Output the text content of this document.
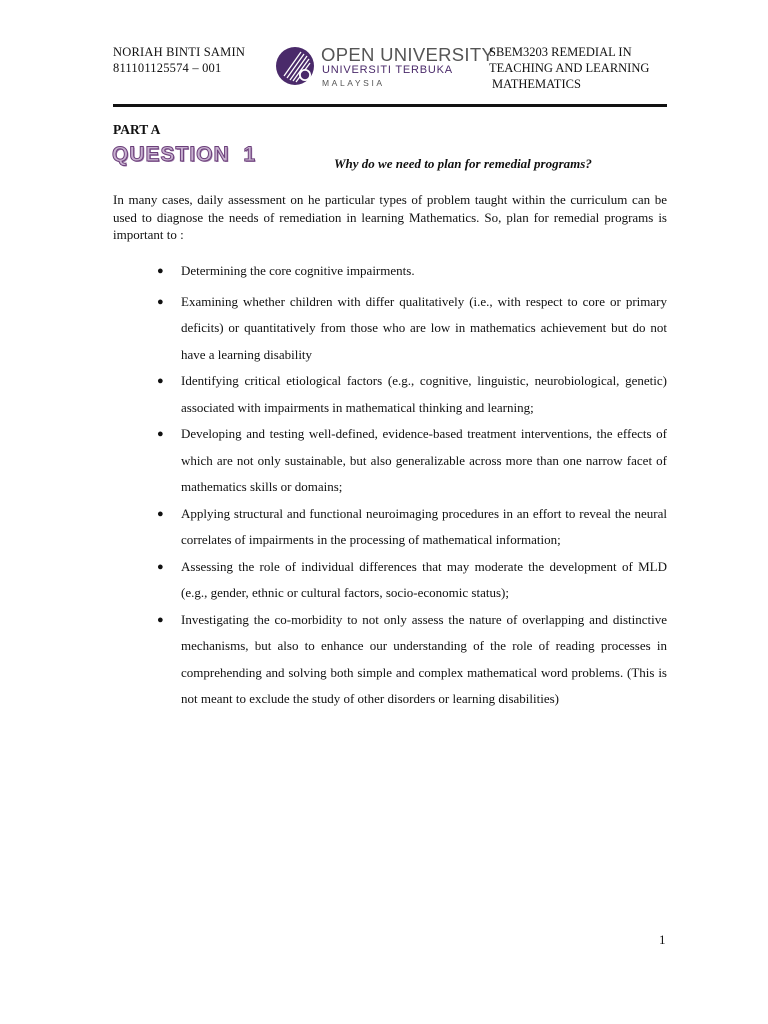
NORIAH BINTI SAMIN
811101125574 – 001
OPEN UNIVERSITY
UNIVERSITI TERBUKA
MALAYSIA
SBEM3203 REMEDIAL IN
TEACHING AND LEARNING
MATHEMATICS
PART A
QUESTION  1	Why do we need to plan for remedial programs?
In many cases, daily assessment on he particular types of problem taught within the curriculum can be used to diagnose the needs of remediation in learning Mathematics. So, plan for remedial programs is important to :
● Determining the core cognitive impairments.
● Examining whether children with differ qualitatively (i.e., with respect to core or primary deficits) or quantitatively from those who are low in mathematics achievement but do not have a learning disability
● Identifying critical etiological factors (e.g., cognitive, linguistic, neurobiological, genetic) associated with impairments in mathematical thinking and learning;
● Developing and testing well-defined, evidence-based treatment interventions, the effects of which are not only sustainable, but also generalizable across more than one narrow facet of mathematics skills or domains;
● Applying structural and functional neuroimaging procedures in an effort to reveal the neural correlates of impairments in the processing of mathematical information;
● Assessing the role of individual differences that may moderate the development of MLD (e.g., gender, ethnic or cultural factors, socio-economic status);
● Investigating the co-morbidity to not only assess the nature of overlapping and distinctive mechanisms, but also to enhance our understanding of the role of reading processes in comprehending and solving both simple and complex mathematical word problems. (This is not meant to exclude the study of other disorders or learning disabilities)
1
